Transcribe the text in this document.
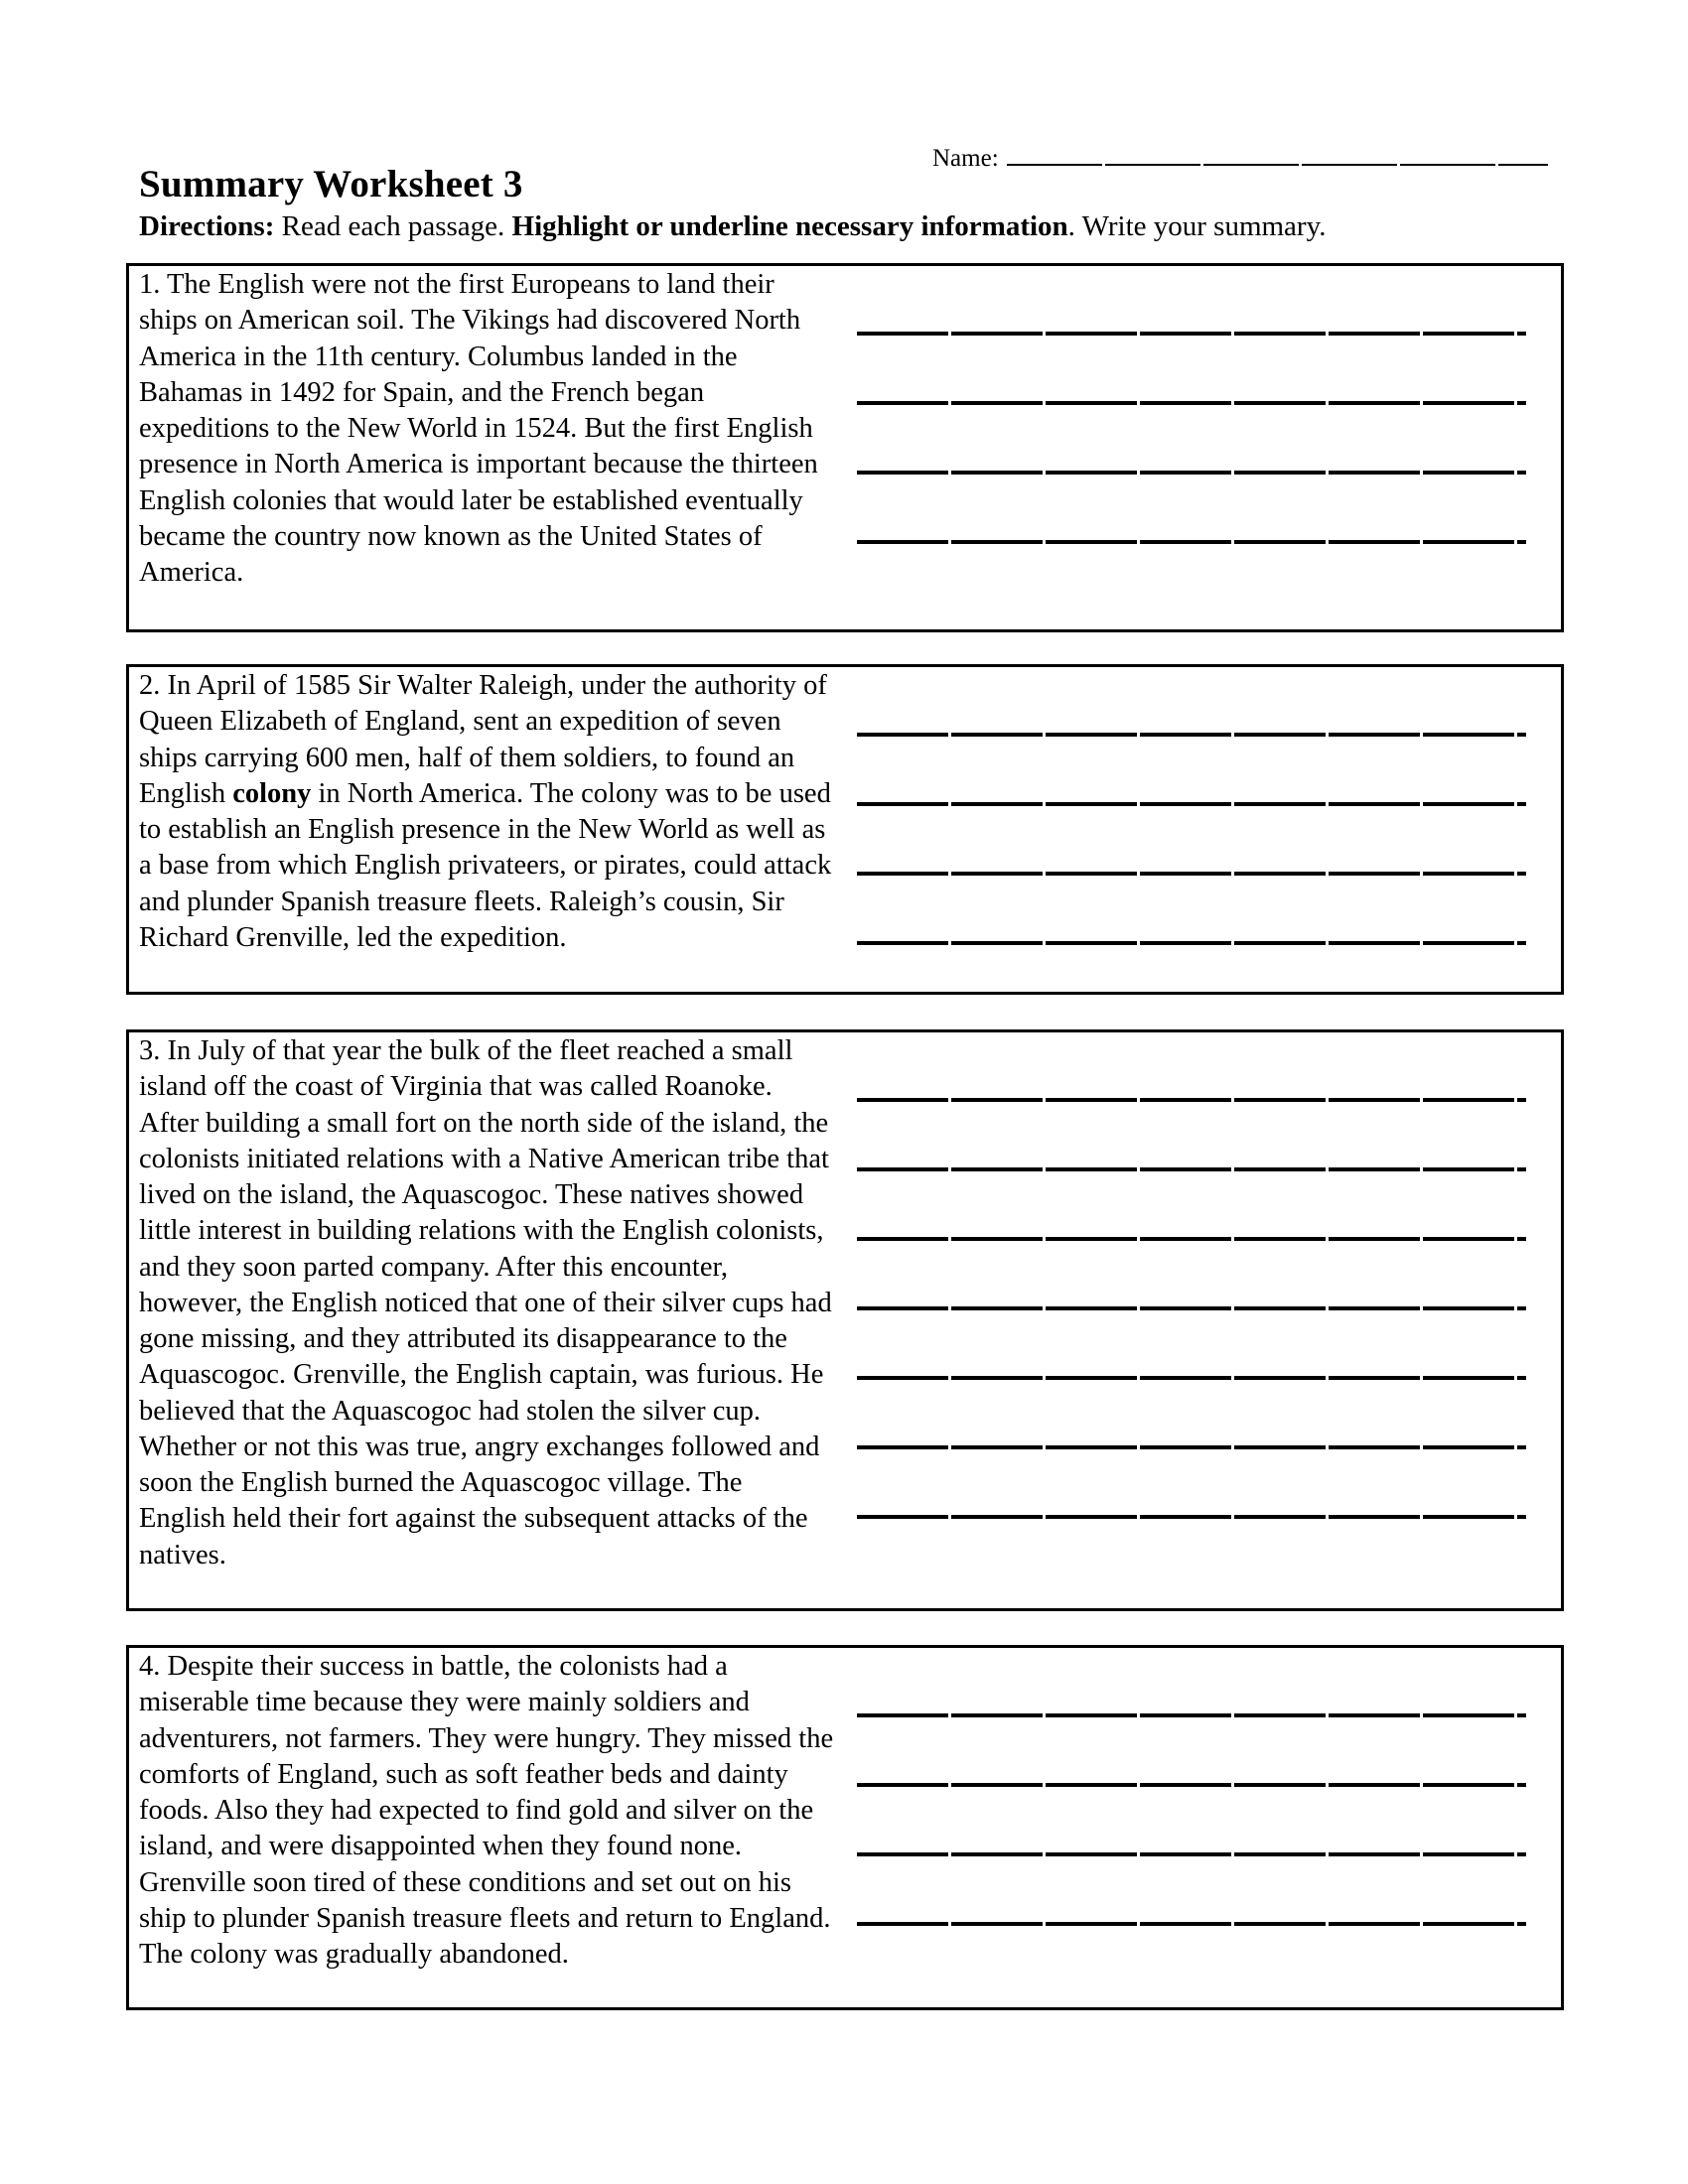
Name:
Summary Worksheet 3

Directions: Read each passage. Highlight or underline necessary information. Write your summary.

1. The English were not the first Europeans to land their ships on American soil. The Vikings had discovered North America in the 11th century. Columbus landed in the Bahamas in 1492 for Spain, and the French began expeditions to the New World in 1524. But the first English presence in North America is important because the thirteen English colonies that would later be established eventually became the country now known as the United States of America.
2. In April of 1585 Sir Walter Raleigh, under the authority of Queen Elizabeth of England, sent an expedition of seven ships carrying 600 men, half of them soldiers, to found an English colony in North America. The colony was to be used to establish an English presence in the New World as well as a base from which English privateers, or pirates, could attack and plunder Spanish treasure fleets. Raleigh’s cousin, Sir Richard Grenville, led the expedition.
3. In July of that year the bulk of the fleet reached a small island off the coast of Virginia that was called Roanoke. After building a small fort on the north side of the island, the colonists initiated relations with a Native American tribe that lived on the island, the Aquascogoc. These natives showed little interest in building relations with the English colonists, and they soon parted company. After this encounter, however, the English noticed that one of their silver cups had gone missing, and they attributed its disappearance to the Aquascogoc. Grenville, the English captain, was furious. He believed that the Aquascogoc had stolen the silver cup. Whether or not this was true, angry exchanges followed and soon the English burned the Aquascogoc village. The English held their fort against the subsequent attacks of the natives.
4. Despite their success in battle, the colonists had a miserable time because they were mainly soldiers and adventurers, not farmers. They were hungry. They missed the comforts of England, such as soft feather beds and dainty foods. Also they had expected to find gold and silver on the island, and were disappointed when they found none. Grenville soon tired of these conditions and set out on his ship to plunder Spanish treasure fleets and return to England. The colony was gradually abandoned.
